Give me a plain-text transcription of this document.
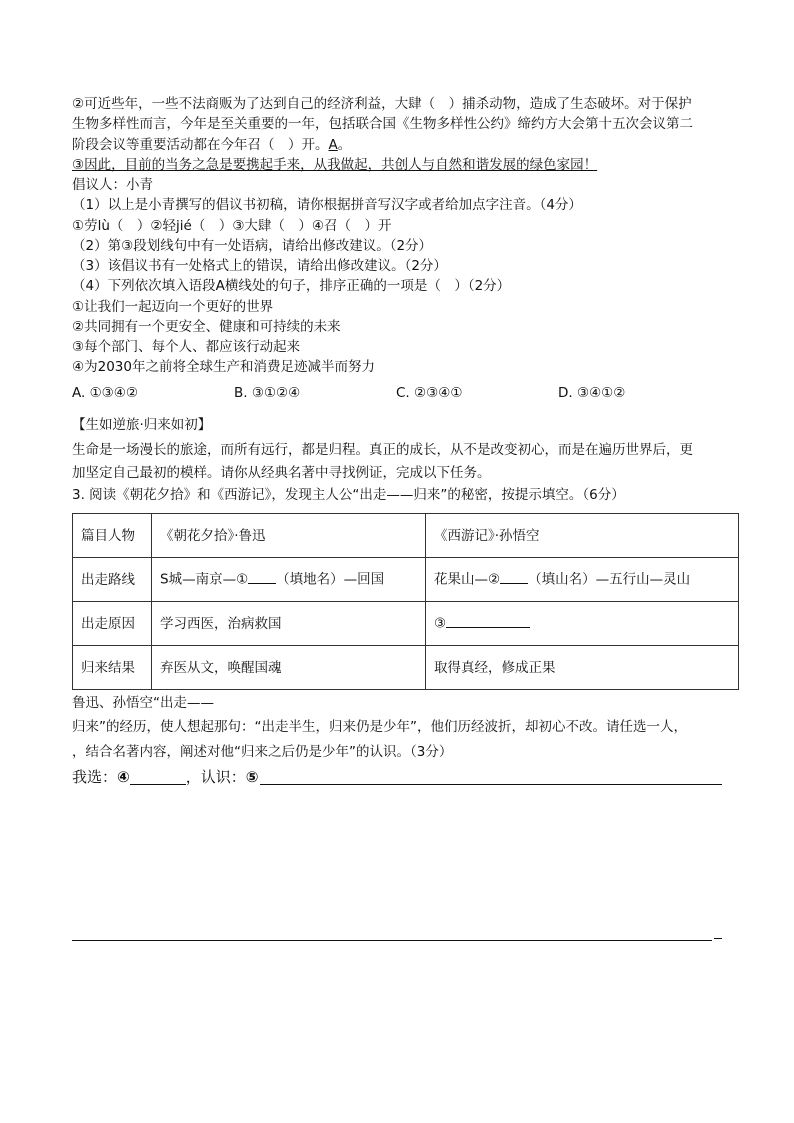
②可近些年，一些不法商贩为了达到自己的经济利益，大肆（　）捕杀动物，造成了生态破坏。对于保护

生物多样性而言，今年是至关重要的一年，包括联合国《生物多样性公约》缔约方大会第十五次会议第二

阶段会议等重要活动都在今年召（　）开。A。

③因此，目前的当务之急是要携起手来，从我做起，共创人与自然和谐发展的绿色家园！

倡议人：小青

（1）以上是小青撰写的倡议书初稿，请你根据拼音写汉字或者给加点字注音。（4分）

①劳lù（　）②轻jié（　）③大肆（　）④召（　）开

（2）第③段划线句中有一处语病，请给出修改建议。（2分）

（3）该倡议书有一处格式上的错误，请给出修改建议。（2分）

（4）下列依次填入语段A横线处的句子，排序正确的一项是（　）（2分）

①让我们一起迈向一个更好的世界

②共同拥有一个更安全、健康和可持续的未来

③每个部门、每个人、都应该行动起来

④为2030年之前将全球生产和消费足迹减半而努力

A. ①③④②	B. ③①②④	C. ②③④①	D. ③④①②

【生如逆旅·归来如初】

生命是一场漫长的旅途，而所有远行，都是归程。真正的成长，从不是改变初心，而是在遍历世界后，更

加坚定自己最初的模样。请你从经典名著中寻找例证，完成以下任务。

3. 阅读《朝花夕拾》和《西游记》，发现主人公“出走——归来”的秘密，按提示填空。（6分）

篇目人物	《朝花夕拾》·鲁迅	《西游记》·孙悟空
出走路线	S城—南京—① （填地名）—回国	花果山—② （填山名）—五行山—灵山
出走原因	学习西医，治病救国	③
归来结果	弃医从文，唤醒国魂	取得真经，修成正果

鲁迅、孙悟空“出走——

归来”的经历，使人想起那句：“出走半生，归来仍是少年”，他们历经波折，却初心不改。请任选一人，

，结合名著内容，阐述对他“归来之后仍是少年”的认识。（3分）

我选： ④	，认识： ⑤
